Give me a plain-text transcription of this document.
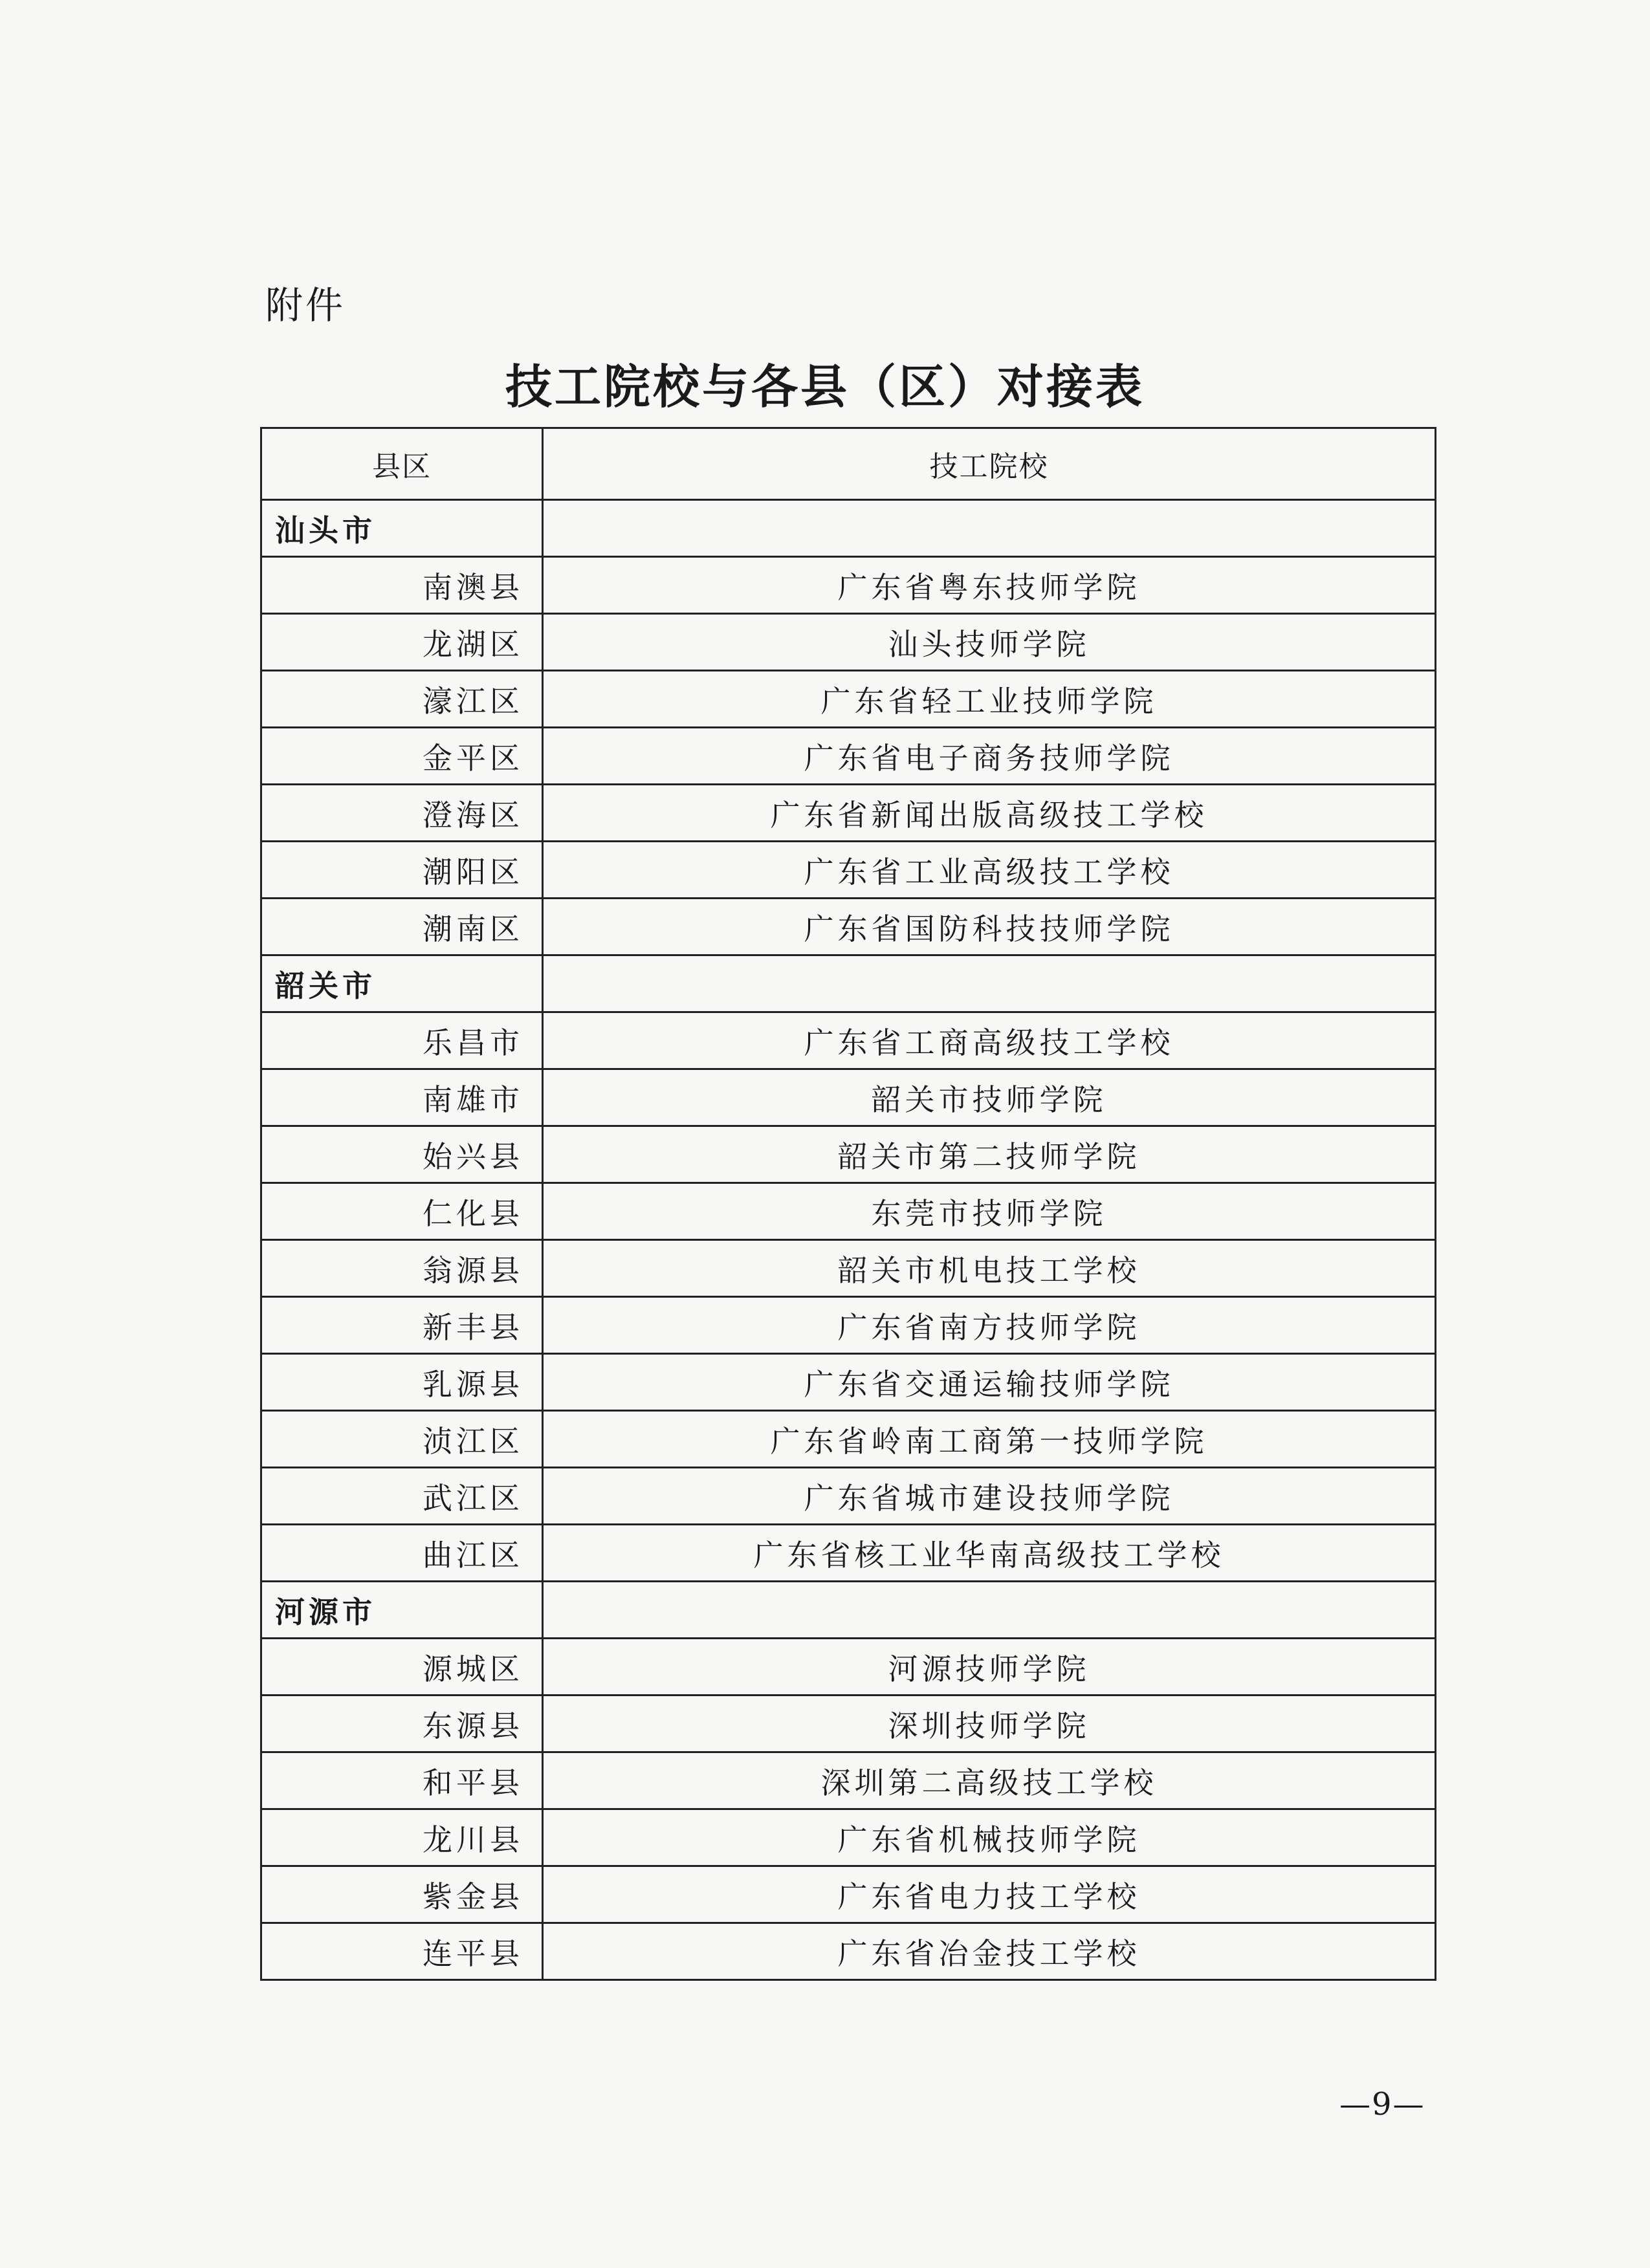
附件
技工院校与各县（区）对接表
县区	技工院校
汕头市	
南澳县	广东省粤东技师学院
龙湖区	汕头技师学院
濠江区	广东省轻工业技师学院
金平区	广东省电子商务技师学院
澄海区	广东省新闻出版高级技工学校
潮阳区	广东省工业高级技工学校
潮南区	广东省国防科技技师学院
韶关市	
乐昌市	广东省工商高级技工学校
南雄市	韶关市技师学院
始兴县	韶关市第二技师学院
仁化县	东莞市技师学院
翁源县	韶关市机电技工学校
新丰县	广东省南方技师学院
乳源县	广东省交通运输技师学院
浈江区	广东省岭南工商第一技师学院
武江区	广东省城市建设技师学院
曲江区	广东省核工业华南高级技工学校
河源市	
源城区	河源技师学院
东源县	深圳技师学院
和平县	深圳第二高级技工学校
龙川县	广东省机械技师学院
紫金县	广东省电力技工学校
连平县	广东省冶金技工学校
—9—
